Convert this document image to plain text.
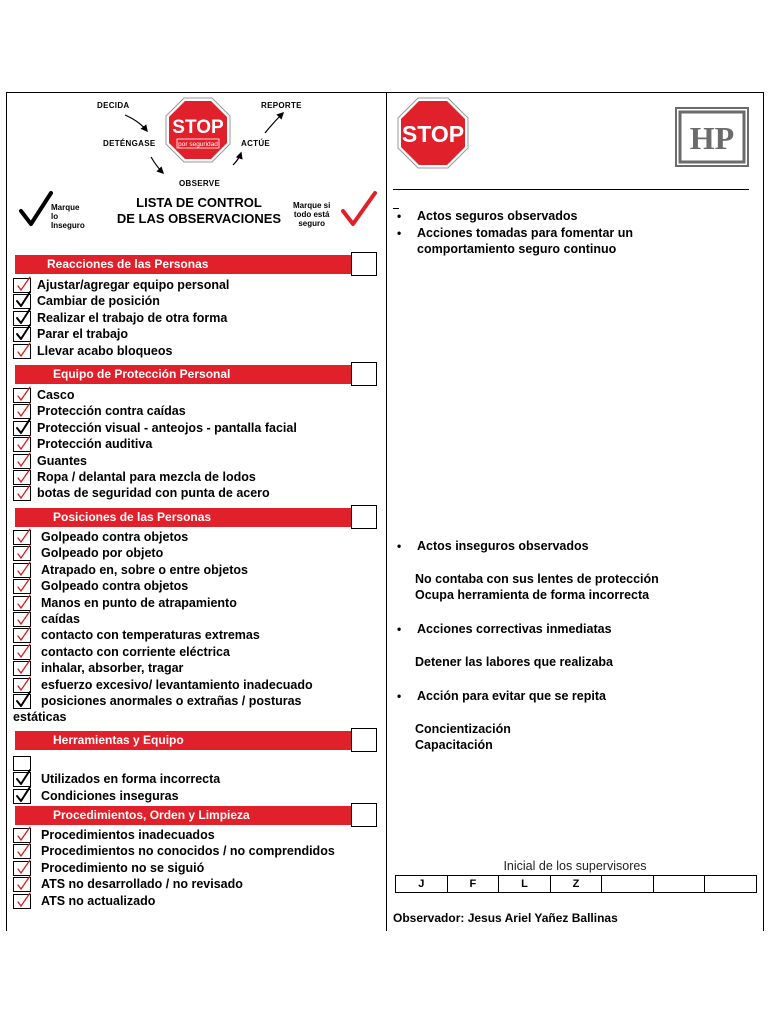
DECIDA	REPORTE
DETÉNGASE	ACTÚE
OBSERVE
STOP
por seguridad
Marque
lo
Inseguro
LISTA DE CONTROL
DE LAS OBSERVACIONES
Marque si
todo está
seguro
Reacciones de las Personas
Ajustar/agregar equipo personal
Cambiar de posición
Realizar el trabajo de otra forma
Parar el trabajo
Llevar acabo bloqueos
Equipo de Protección Personal
Casco
Protección contra caídas
Protección visual - anteojos - pantalla facial
Protección auditiva
Guantes
Ropa / delantal para mezcla de lodos
botas de seguridad con punta de acero
Posiciones de las Personas
Golpeado contra objetos
Golpeado por objeto
Atrapado en, sobre o entre objetos
Golpeado contra objetos
Manos en punto de atrapamiento
caídas
contacto con temperaturas extremas
contacto con corriente eléctrica
inhalar, absorber, tragar
esfuerzo excesivo/ levantamiento inadecuado
posiciones anormales o extrañas / posturas
estáticas
Herramientas y Equipo
Utilizados en forma incorrecta
Condiciones inseguras
Procedimientos, Orden y Limpieza
Procedimientos inadecuados
Procedimientos no conocidos / no comprendidos
Procedimiento no se siguió
ATS no desarrollado / no revisado
ATS no actualizado
STOP	HP
• Actos seguros observados
• Acciones tomadas para fomentar un
comportamiento seguro continuo
• Actos inseguros observados
No contaba con sus lentes de protección
Ocupa herramienta de forma incorrecta
• Acciones correctivas inmediatas
Detener las labores que realizaba
• Acción para evitar que se repita
Concientización
Capacitación
Inicial de los supervisores
J	F	L	Z
Observador: Jesus Ariel Yañez Ballinas
